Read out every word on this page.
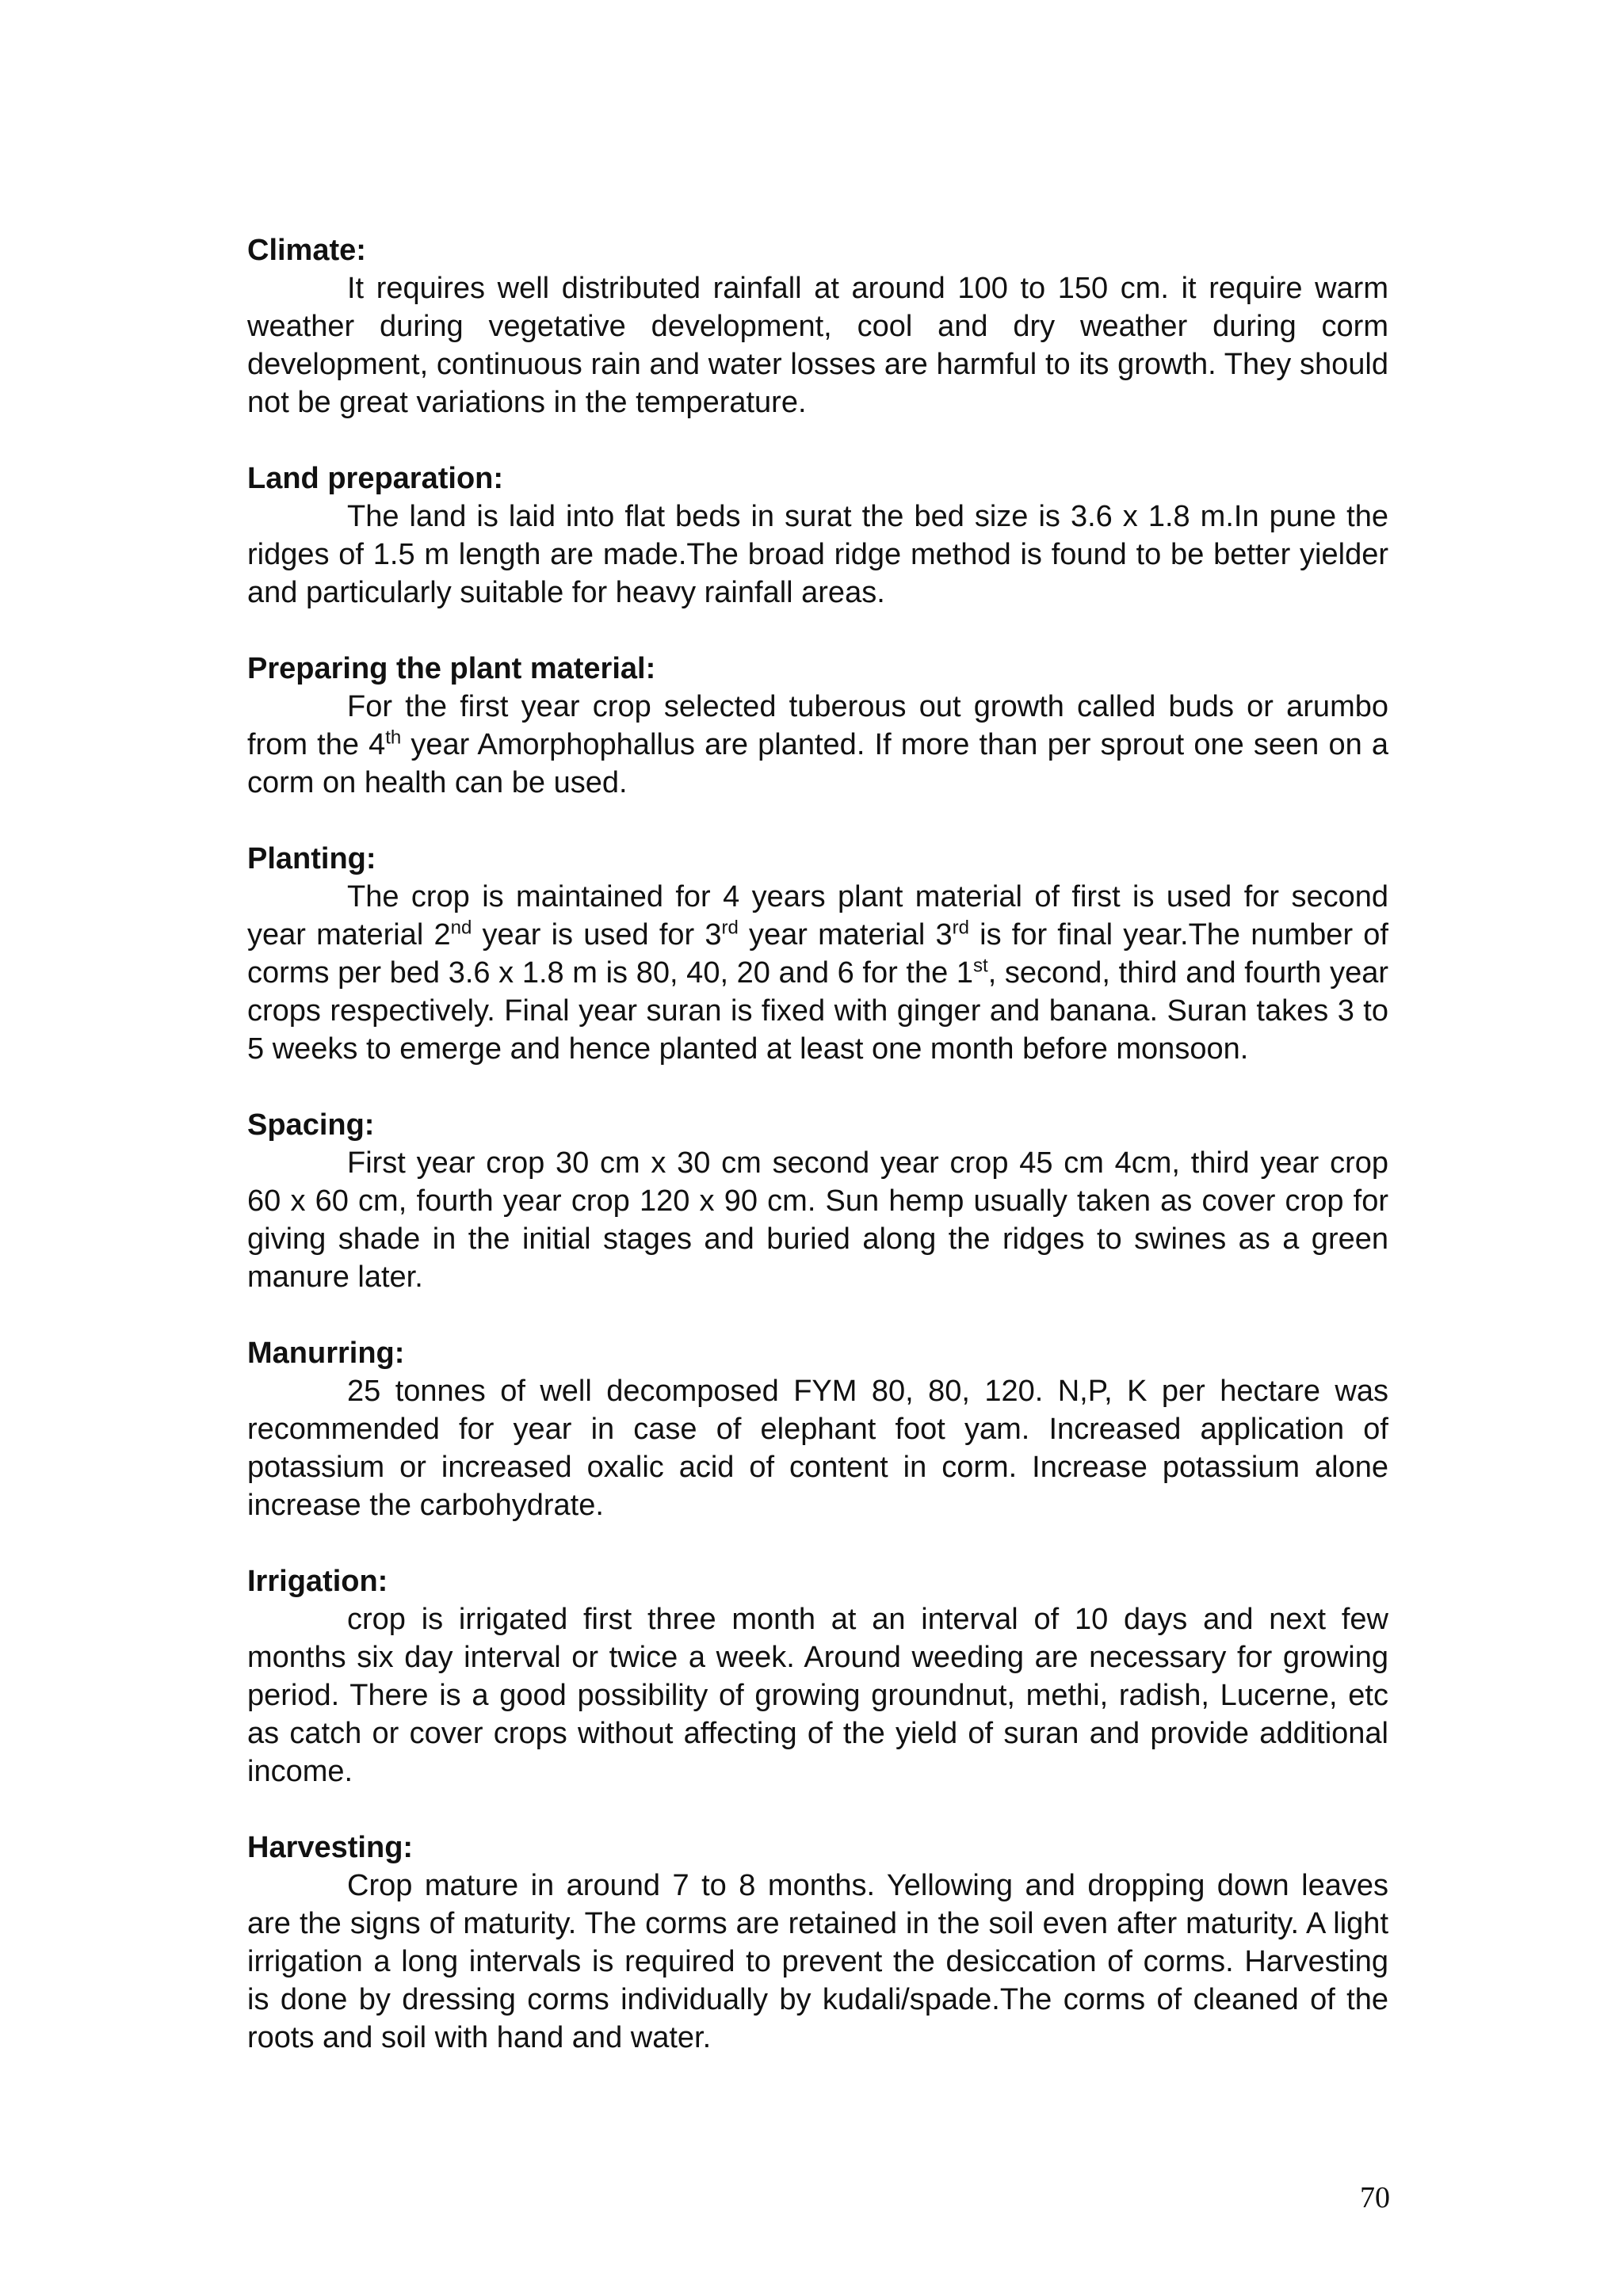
Climate:

It requires well distributed rainfall at around 100 to 150 cm. it require warm weather during vegetative development, cool and dry weather during corm development, continuous rain and water losses are harmful to its growth. They should not be great variations in the temperature.

Land preparation:

The land is laid into flat beds in surat the bed size is 3.6 x 1.8 m.In pune the ridges of 1.5 m length are made.The broad ridge method is found to be better yielder and particularly suitable for heavy rainfall areas.

Preparing the plant material:

For the first year crop selected tuberous out growth called buds or arumbo from the 4th year Amorphophallus are planted. If more than per sprout one seen on a corm on health can be used.

Planting:

The crop is maintained for 4 years plant material of first is used for second year material 2nd year is used for 3rd year material 3rd is for final year.The number of corms per bed 3.6 x 1.8 m is 80, 40, 20 and 6 for the 1st, second, third and fourth year crops respectively. Final year suran is fixed with ginger and banana. Suran takes 3 to 5 weeks to emerge and hence planted at least one month before monsoon.

Spacing:

First year crop 30 cm x 30 cm second year crop 45 cm 4cm, third year crop 60 x 60 cm, fourth year crop 120 x 90 cm. Sun hemp usually taken as cover crop for giving shade in the initial stages and buried along the ridges to swines as a green manure later.

Manurring:

25 tonnes of well decomposed FYM 80, 80, 120. N,P, K per hectare was recommended for year in case of elephant foot yam. Increased application of potassium or increased oxalic acid of content in corm. Increase potassium alone increase the carbohydrate.

Irrigation:

crop is irrigated first three month at an interval of 10 days and next few months six day interval or twice a week. Around weeding are necessary for growing period. There is a good possibility of growing groundnut, methi, radish, Lucerne, etc as catch or cover crops without affecting of the yield of suran and provide additional income.

Harvesting:

Crop mature in around 7 to 8 months. Yellowing and dropping down leaves are the signs of maturity. The corms are retained in the soil even after maturity. A light irrigation a long intervals is required to prevent the desiccation of corms. Harvesting is done by dressing corms individually by kudali/spade.The corms of cleaned of the roots and soil with hand and water.

70
